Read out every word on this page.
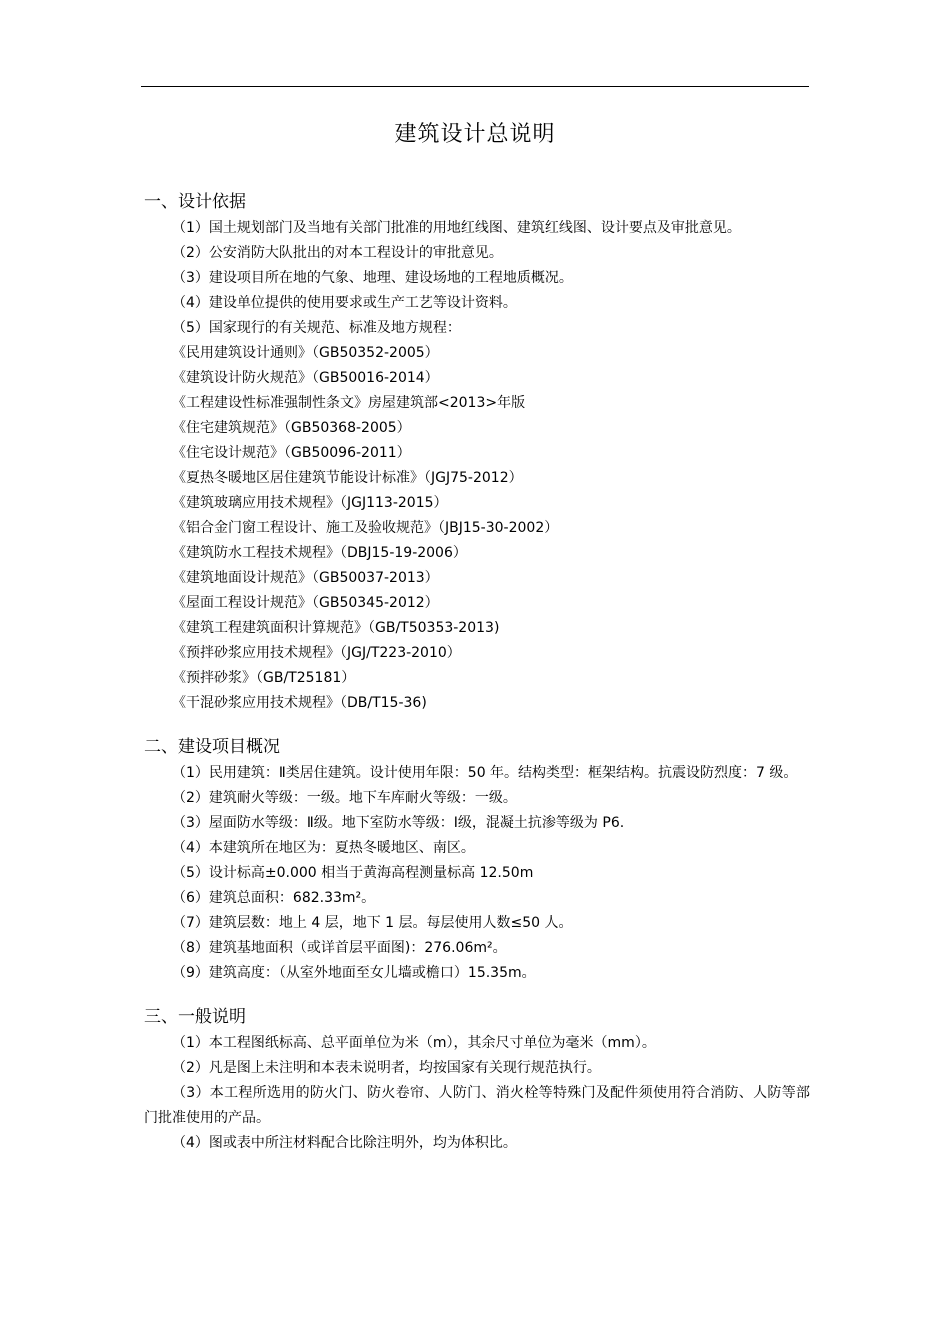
建筑设计总说明
一、设计依据

（1）国土规划部门及当地有关部门批准的用地红线图、建筑红线图、设计要点及审批意见。

（2）公安消防大队批出的对本工程设计的审批意见。

（3）建设项目所在地的气象、地理、建设场地的工程地质概况。

（4）建设单位提供的使用要求或生产工艺等设计资料。

（5）国家现行的有关规范、标准及地方规程：

《民用建筑设计通则》（GB50352-2005）
《建筑设计防火规范》（GB50016-2014）
《工程建设性标准强制性条文》房屋建筑部<2013>年版
《住宅建筑规范》（GB50368-2005）
《住宅设计规范》（GB50096-2011）
《夏热冬暖地区居住建筑节能设计标准》（JGJ75-2012）
《建筑玻璃应用技术规程》（JGJ113-2015）
《铝合金门窗工程设计、施工及验收规范》（JBJ15-30-2002）
《建筑防水工程技术规程》（DBJ15-19-2006）
《建筑地面设计规范》（GB50037-2013）
《屋面工程设计规范》（GB50345-2012）
《建筑工程建筑面积计算规范》（GB/T50353-2013)
《预拌砂浆应用技术规程》（JGJ/T223-2010）
《预拌砂浆》（GB/T25181）
《干混砂浆应用技术规程》（DB/T15-36)
二、建设项目概况

（1）民用建筑：Ⅱ类居住建筑。设计使用年限：50 年。结构类型：框架结构。抗震设防烈度：7 级。

（2）建筑耐火等级：一级。地下车库耐火等级：一级。

（3）屋面防水等级：Ⅱ级。地下室防水等级：Ⅰ级，混凝土抗渗等级为 P6.

（4）本建筑所在地区为：夏热冬暖地区、南区。

（5）设计标高±0.000 相当于黄海高程测量标高 12.50m

（6）建筑总面积：682.33m²。

（7）建筑层数：地上 4 层，地下 1 层。每层使用人数≤50 人。

（8）建筑基地面积（或详首层平面图)：276.06m²。

（9）建筑高度：（从室外地面至女儿墙或檐口）15.35m。

三、一般说明

（1）本工程图纸标高、总平面单位为米（m），其余尺寸单位为毫米（mm）。

（2）凡是图上未注明和本表未说明者，均按国家有关现行规范执行。

（3）本工程所选用的防火门、防火卷帘、人防门、消火栓等特殊门及配件须使用符合消防、人防等部门批准使用的产品。

（4）图或表中所注材料配合比除注明外，均为体积比。
